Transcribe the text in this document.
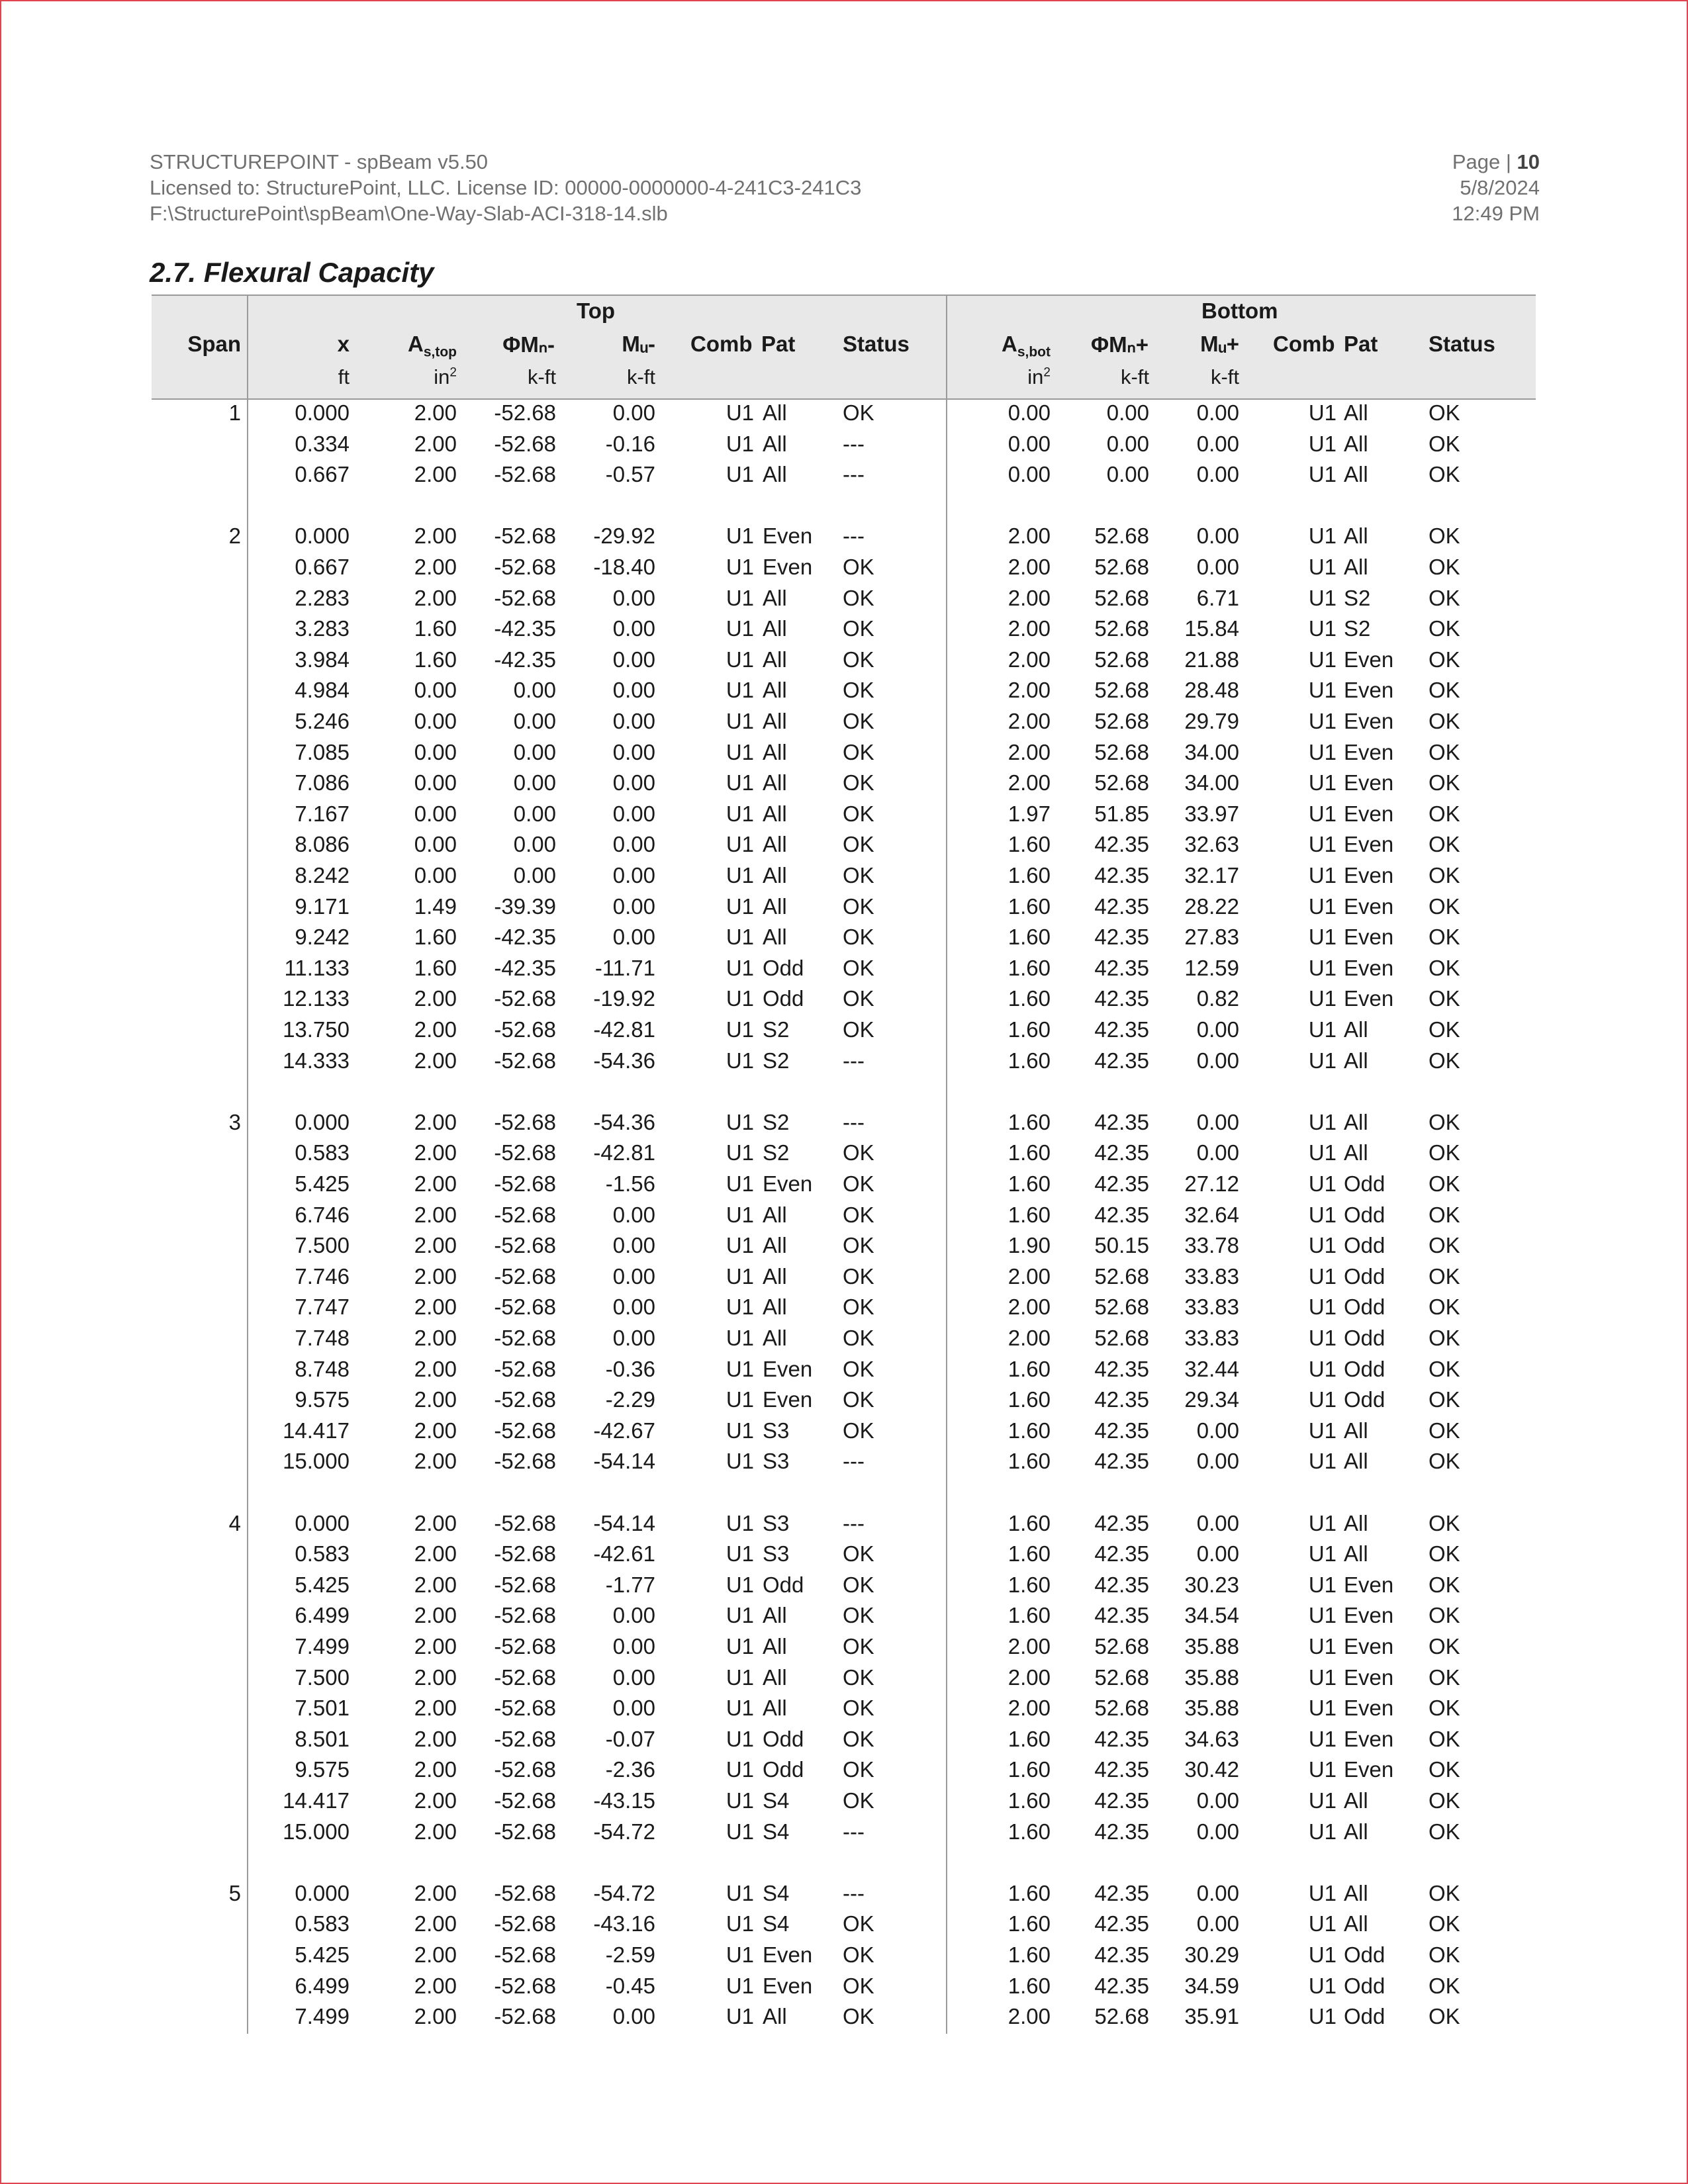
STRUCTUREPOINT - spBeam v5.50
Licensed to: StructurePoint, LLC. License ID: 00000-0000000-4-241C3-241C3
F:\StructurePoint\spBeam\One-Way-Slab-ACI-318-14.slb
Page | 10
5/8/2024
12:49 PM
2.7. Flexural Capacity
Top	Bottom
Span	x	$A_{s,top}$ ΦMₙ-	Mᵤ- Comb Pat Status	$A_{s,bot}$ ΦMₙ+ Mᵤ+ Comb Pat Status
ft	$in^2$	k-ft	k-ft	$in^2$	k-ft	k-ft
1 0.000	2.00 -52.68	0.00	U1 All	OK	0.00	0.00 0.00	U1 All	OK
0.334	2.00 -52.68 -0.16	U1 All	---	0.00	0.00 0.00	U1 All	OK
0.667	2.00 -52.68 -0.57	U1 All	---	0.00	0.00 0.00	U1 All	OK
2 0.000	2.00 -52.68 -29.92	U1 Even ---	2.00 52.68 0.00	U1 All	OK
0.667	2.00 -52.68 -18.40	U1 Even OK	2.00 52.68 0.00	U1 All	OK
2.283	2.00 -52.68	0.00	U1 All	OK	2.00 52.68 6.71	U1 S2	OK
3.283	1.60 -42.35	0.00	U1 All	OK	2.00 52.68 15.84	U1 S2	OK
3.984	1.60 -42.35	0.00	U1 All	OK	2.00 52.68 21.88	U1 Even OK
4.984	0.00	0.00	0.00	U1 All	OK	2.00 52.68 28.48	U1 Even OK
5.246	0.00	0.00	0.00	U1 All	OK	2.00 52.68 29.79	U1 Even OK
7.085	0.00	0.00	0.00	U1 All	OK	2.00 52.68 34.00	U1 Even OK
7.086	0.00	0.00	0.00	U1 All	OK	2.00 52.68 34.00	U1 Even OK
7.167	0.00	0.00	0.00	U1 All	OK	1.97 51.85 33.97	U1 Even OK
8.086	0.00	0.00	0.00	U1 All	OK	1.60 42.35 32.63	U1 Even OK
8.242	0.00	0.00	0.00	U1 All	OK	1.60 42.35 32.17	U1 Even OK
9.171	1.49 -39.39	0.00	U1 All	OK	1.60 42.35 28.22	U1 Even OK
9.242	1.60 -42.35	0.00	U1 All	OK	1.60 42.35 27.83	U1 Even OK
11.133	1.60 -42.35 -11.71	U1 Odd OK	1.60 42.35 12.59	U1 Even OK
12.133	2.00 -52.68 -19.92	U1 Odd OK	1.60 42.35 0.82	U1 Even OK
13.750	2.00 -52.68 -42.81	U1 S2 OK	1.60 42.35 0.00	U1 All	OK
14.333	2.00 -52.68 -54.36	U1 S2 ---	1.60 42.35 0.00	U1 All	OK
3 0.000	2.00 -52.68 -54.36	U1 S2 ---	1.60 42.35 0.00	U1 All	OK
0.583	2.00 -52.68 -42.81	U1 S2 OK	1.60 42.35 0.00	U1 All	OK
5.425	2.00 -52.68 -1.56	U1 Even OK	1.60 42.35 27.12	U1 Odd OK
6.746	2.00 -52.68	0.00	U1 All	OK	1.60 42.35 32.64	U1 Odd OK
7.500	2.00 -52.68	0.00	U1 All	OK	1.90 50.15 33.78	U1 Odd OK
7.746	2.00 -52.68	0.00	U1 All	OK	2.00 52.68 33.83	U1 Odd OK
7.747	2.00 -52.68	0.00	U1 All	OK	2.00 52.68 33.83	U1 Odd OK
7.748	2.00 -52.68	0.00	U1 All	OK	2.00 52.68 33.83	U1 Odd OK
8.748	2.00 -52.68 -0.36	U1 Even OK	1.60 42.35 32.44	U1 Odd OK
9.575	2.00 -52.68 -2.29	U1 Even OK	1.60 42.35 29.34	U1 Odd OK
14.417	2.00 -52.68 -42.67	U1 S3 OK	1.60 42.35 0.00	U1 All	OK
15.000	2.00 -52.68 -54.14	U1 S3 ---	1.60 42.35 0.00	U1 All	OK
4 0.000	2.00 -52.68 -54.14	U1 S3 ---	1.60 42.35 0.00	U1 All	OK
0.583	2.00 -52.68 -42.61	U1 S3 OK	1.60 42.35 0.00	U1 All	OK
5.425	2.00 -52.68 -1.77	U1 Odd OK	1.60 42.35 30.23	U1 Even OK
6.499	2.00 -52.68	0.00	U1 All	OK	1.60 42.35 34.54	U1 Even OK
7.499	2.00 -52.68	0.00	U1 All	OK	2.00 52.68 35.88	U1 Even OK
7.500	2.00 -52.68	0.00	U1 All	OK	2.00 52.68 35.88	U1 Even OK
7.501	2.00 -52.68	0.00	U1 All	OK	2.00 52.68 35.88	U1 Even OK
8.501	2.00 -52.68 -0.07	U1 Odd OK	1.60 42.35 34.63	U1 Even OK
9.575	2.00 -52.68 -2.36	U1 Odd OK	1.60 42.35 30.42	U1 Even OK
14.417	2.00 -52.68 -43.15	U1 S4 OK	1.60 42.35 0.00	U1 All	OK
15.000	2.00 -52.68 -54.72	U1 S4 ---	1.60 42.35 0.00	U1 All	OK
5 0.000	2.00 -52.68 -54.72	U1 S4 ---	1.60 42.35 0.00	U1 All	OK
0.583	2.00 -52.68 -43.16	U1 S4 OK	1.60 42.35 0.00	U1 All	OK
5.425	2.00 -52.68 -2.59	U1 Even OK	1.60 42.35 30.29	U1 Odd OK
6.499	2.00 -52.68 -0.45	U1 Even OK	1.60 42.35 34.59	U1 Odd OK
7.499	2.00 -52.68	0.00	U1 All	OK	2.00 52.68 35.91	U1 Odd OK
